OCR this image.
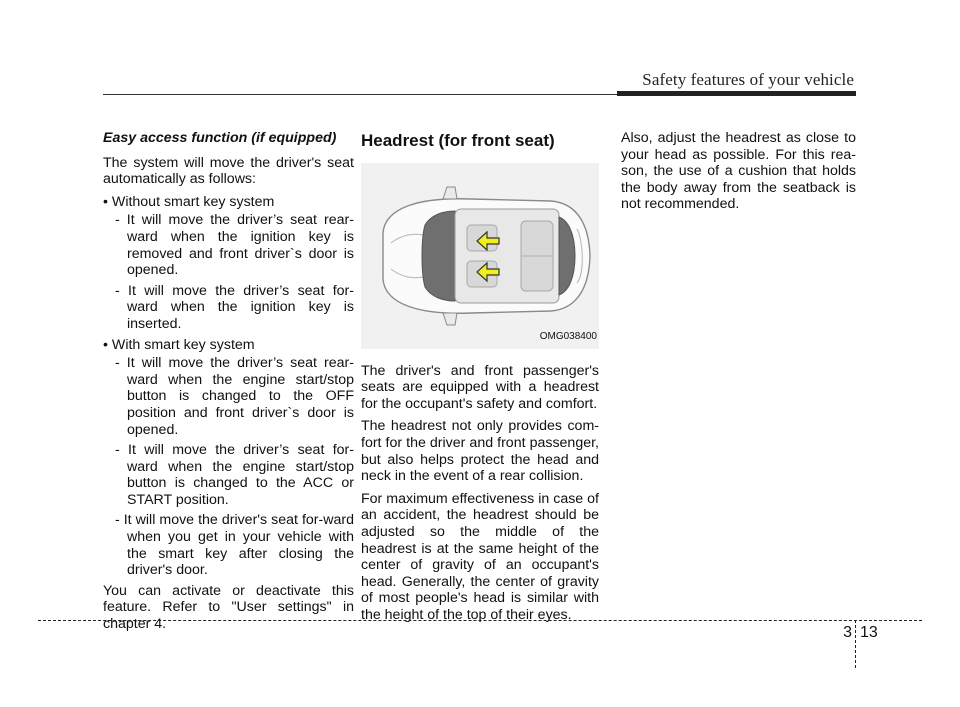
Safety features of your vehicle

Easy access function (if equipped)

The system will move the driver's seat automatically as follows:

• Without smart key system

- It will move the driver’s seat rear-ward when the ignition key is removed and front driver`s door is opened.

- It will move the driver’s seat for-ward when the ignition key is inserted.

• With smart key system

- It will move the driver’s seat rear-ward when the engine start/stop button is changed to the OFF position and front driver`s door is opened.

- It will move the driver’s seat for-ward when the engine start/stop button is changed to the ACC or START position.

- It will move the driver's seat for-ward when you get in your vehicle with the smart key after closing the driver's door.

You can activate or deactivate this feature. Refer to "User settings" in chapter 4.

Headrest (for front seat)
OMG038400

The driver's and front passenger's seats are equipped with a headrest for the occupant's safety and comfort.

The headrest not only provides com-fort for the driver and front passenger, but also helps protect the head and neck in the event of a rear collision.

For maximum effectiveness in case of an accident, the headrest should be adjusted so the middle of the headrest is at the same height of the center of gravity of an occupant's head. Generally, the center of gravity of most people's head is similar with the height of the top of their eyes.

Also, adjust the headrest as close to your head as possible. For this rea-son, the use of a cushion that holds the body away from the seatback is not recommended.

3 13
